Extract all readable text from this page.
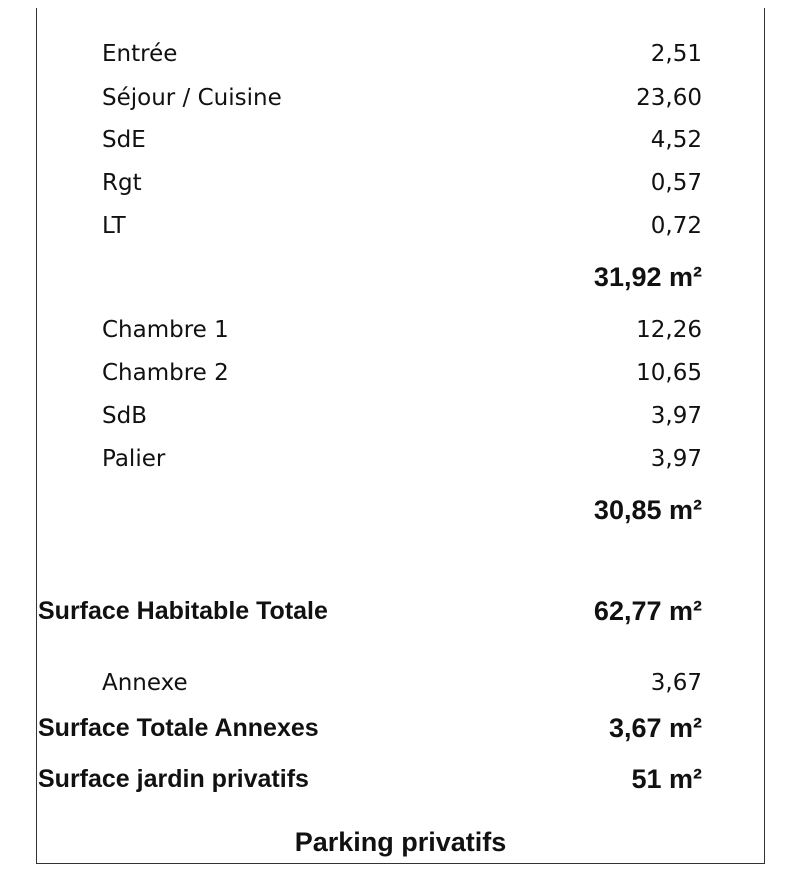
Entrée	2,51
Séjour / Cuisine	23,60
SdE	4,52
Rgt	0,57
LT	0,72
31,92 m²
Chambre 1	12,26
Chambre 2	10,65
SdB	3,97
Palier	3,97
30,85 m²
Surface Habitable Totale	62,77 m²
Annexe	3,67
Surface Totale Annexes	3,67 m²
Surface jardin privatifs	51 m²
Parking privatifs
